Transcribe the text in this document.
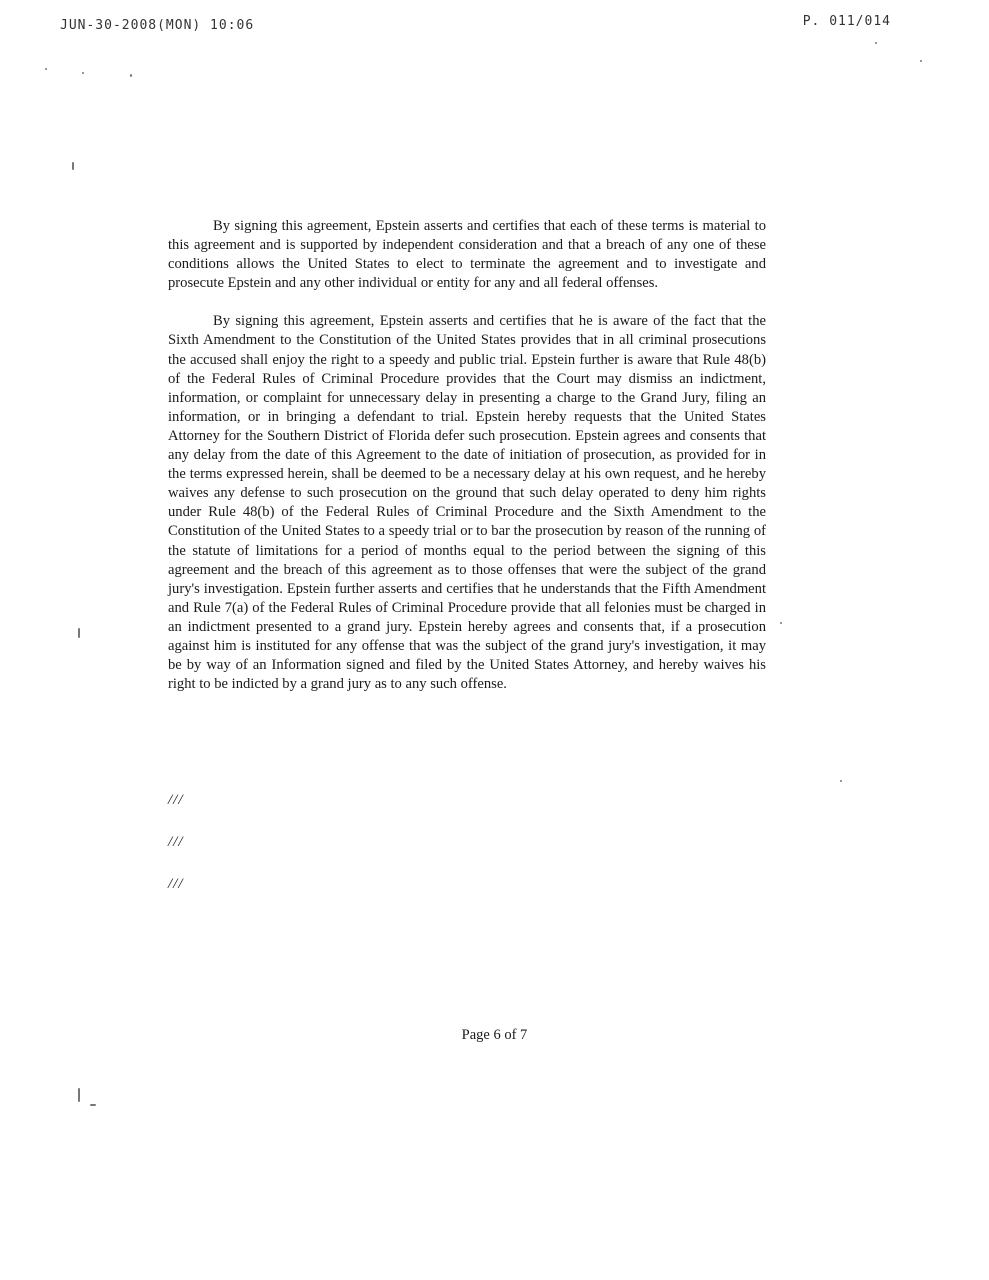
JUN-30-2008(MON) 10:06	P. 011/014

By signing this agreement, Epstein asserts and certifies that each of these terms is material to this agreement and is supported by independent consideration and that a breach of any one of these conditions allows the United States to elect to terminate the agreement and to investigate and prosecute Epstein and any other individual or entity for any and all federal offenses.

By signing this agreement, Epstein asserts and certifies that he is aware of the fact that the Sixth Amendment to the Constitution of the United States provides that in all criminal prosecutions the accused shall enjoy the right to a speedy and public trial. Epstein further is aware that Rule 48(b) of the Federal Rules of Criminal Procedure provides that the Court may dismiss an indictment, information, or complaint for unnecessary delay in presenting a charge to the Grand Jury, filing an information, or in bringing a defendant to trial. Epstein hereby requests that the United States Attorney for the Southern District of Florida defer such prosecution. Epstein agrees and consents that any delay from the date of this Agreement to the date of initiation of prosecution, as provided for in the terms expressed herein, shall be deemed to be a necessary delay at his own request, and he hereby waives any defense to such prosecution on the ground that such delay operated to deny him rights under Rule 48(b) of the Federal Rules of Criminal Procedure and the Sixth Amendment to the Constitution of the United States to a speedy trial or to bar the prosecution by reason of the running of the statute of limitations for a period of months equal to the period between the signing of this agreement and the breach of this agreement as to those offenses that were the subject of the grand jury's investigation. Epstein further asserts and certifies that he understands that the Fifth Amendment and Rule 7(a) of the Federal Rules of Criminal Procedure provide that all felonies must be charged in an indictment presented to a grand jury. Epstein hereby agrees and consents that, if a prosecution against him is instituted for any offense that was the subject of the grand jury's investigation, it may be by way of an Information signed and filed by the United States Attorney, and hereby waives his right to be indicted by a grand jury as to any such offense.

///
///
///
Page 6 of 7
